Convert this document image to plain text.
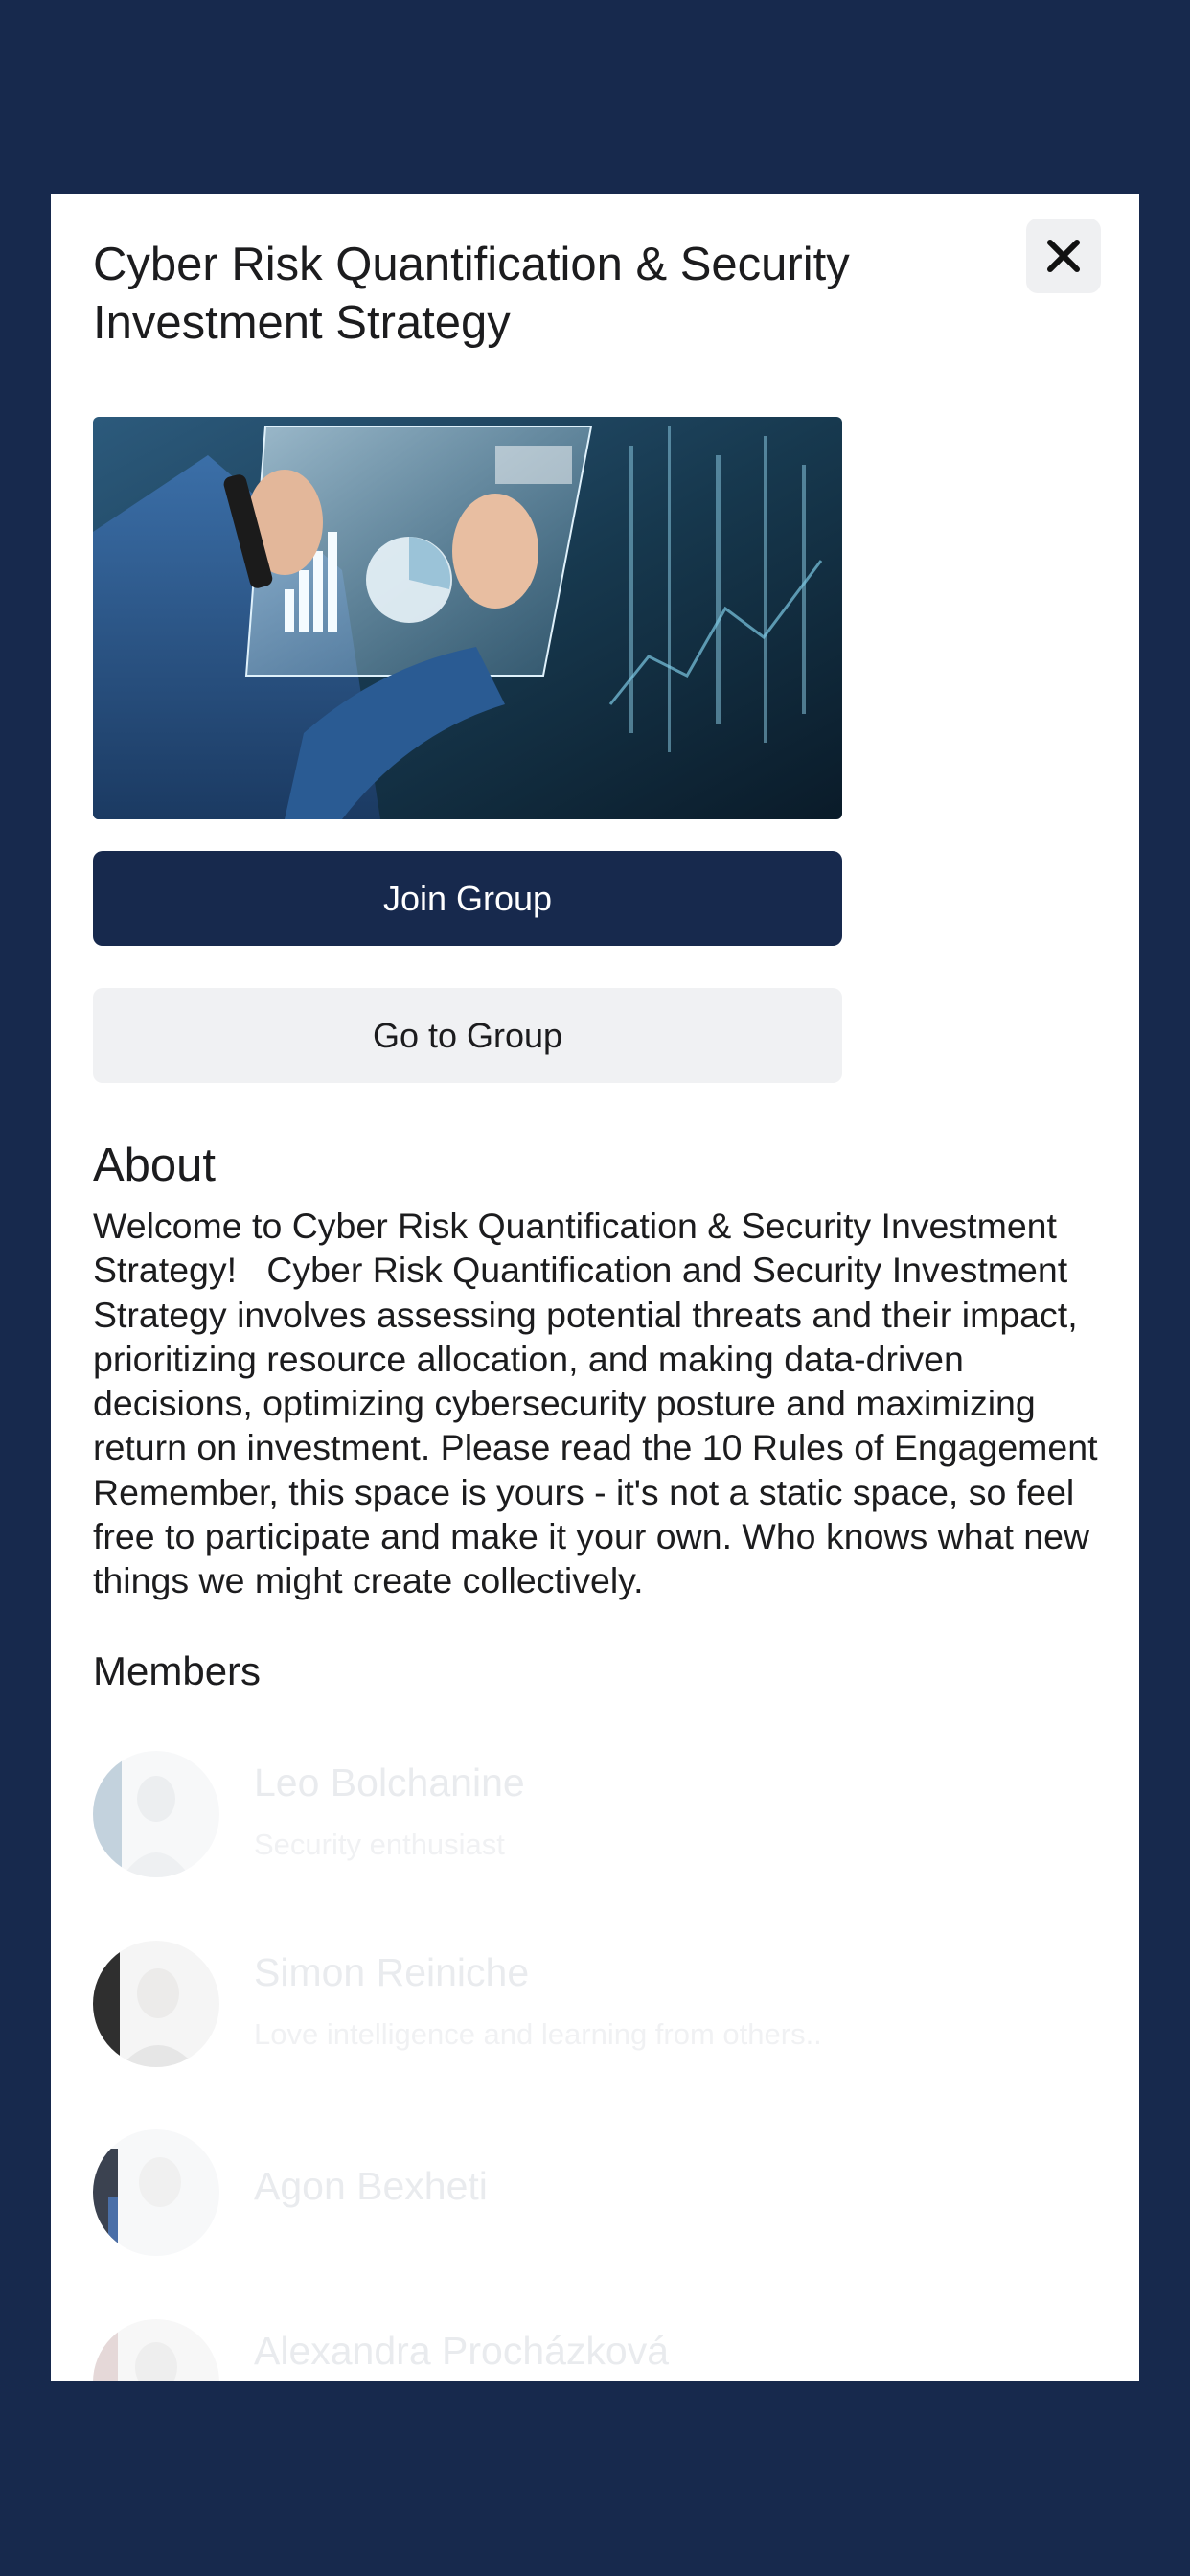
Cyber Risk Quantification & Security Investment Strategy
Join Group
Go to Group
About

Welcome to Cyber Risk Quantification & Security Investment Strategy!   Cyber Risk Quantification and Security Investment Strategy involves assessing potential threats and their impact, prioritizing resource allocation, and making data-driven decisions, optimizing cybersecurity posture and maximizing return on investment. Please read the 10 Rules of Engagement Remember, this space is yours - it's not a static space, so feel free to participate and make it your own. Who knows what new things we might create collectively.

Members
Leo Bolchanine
Security enthusiast
Simon Reiniche
Love intelligence and learning from others..
Agon Bexheti
Alexandra Procházková
